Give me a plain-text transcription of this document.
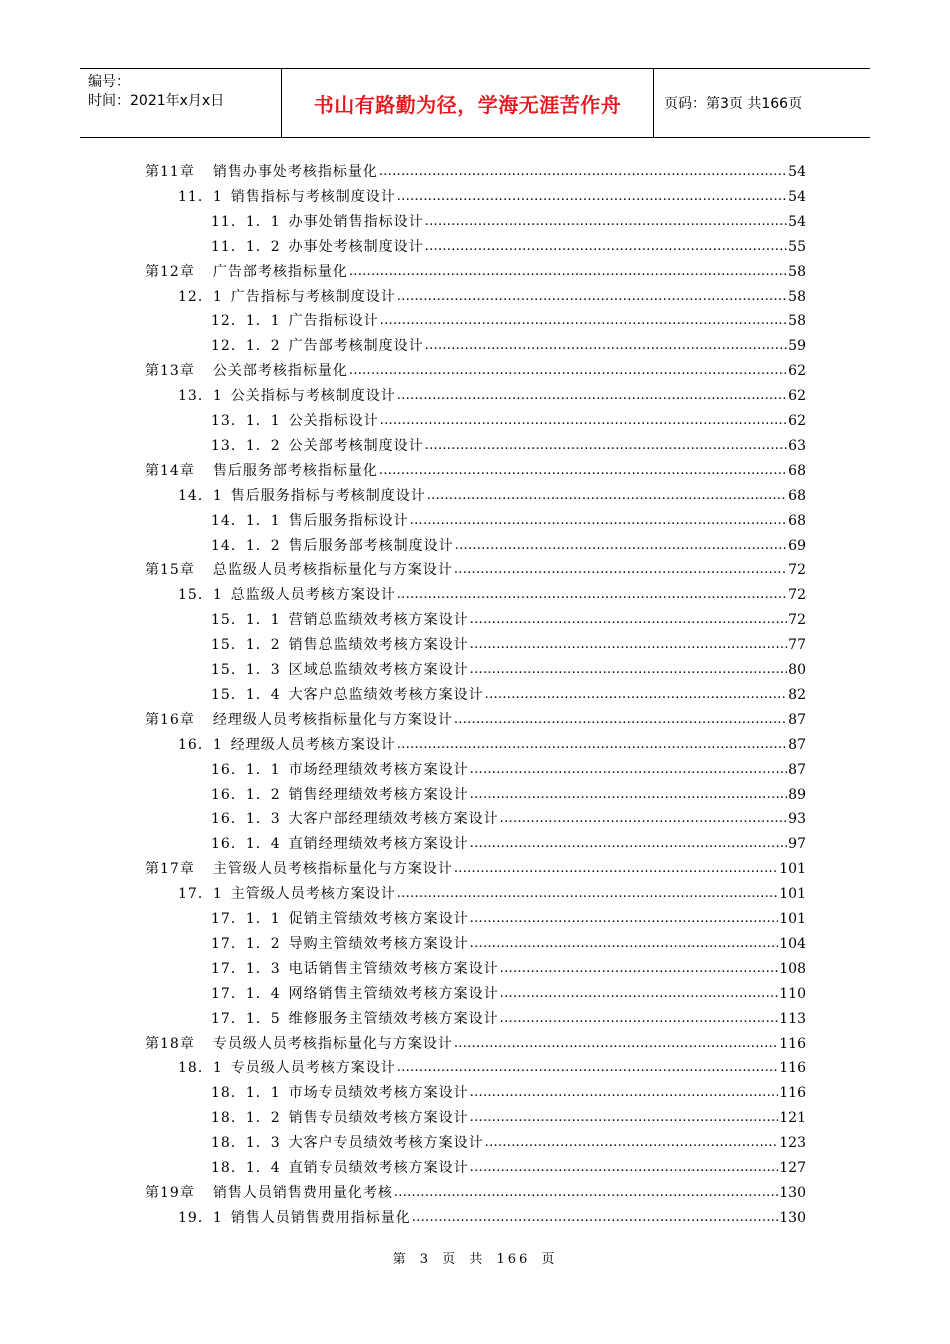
编号：
时间：2021年x月x日	书山有路勤为径，学海无涯苦作舟	页码：第3页 共166页
第11章	销售办事处考核指标量化 .....	54
11．1 销售指标与考核制度设计 .....	54
11．1．1 办事处销售指标设计 .....	54
11．1．2 办事处考核制度设计 .....	55
第12章	广告部考核指标量化 .....	58
12．1 广告指标与考核制度设计 .....	58
12．1．1 广告指标设计 .....	58
12．1．2 广告部考核制度设计 .....	59
第13章	公关部考核指标量化 .....	62
13．1 公关指标与考核制度设计 .....	62
13．1．1 公关指标设计 .....	62
13．1．2 公关部考核制度设计 .....	63
第14章	售后服务部考核指标量化 .....	68
14．1 售后服务指标与考核制度设计 .....	68
14．1．1 售后服务指标设计 .....	68
14．1．2 售后服务部考核制度设计 .....	69
第15章	总监级人员考核指标量化与方案设计 .....	72
15．1 总监级人员考核方案设计 .....	72
15．1．1 营销总监绩效考核方案设计 .....	72
15．1．2 销售总监绩效考核方案设计 .....	77
15．1．3 区域总监绩效考核方案设计 .....	80
15．1．4 大客户总监绩效考核方案设计 .....	82
第16章	经理级人员考核指标量化与方案设计 .....	87
16．1 经理级人员考核方案设计 .....	87
16．1．1 市场经理绩效考核方案设计 .....	87
16．1．2 销售经理绩效考核方案设计 .....	89
16．1．3 大客户部经理绩效考核方案设计 .....	93
16．1．4 直销经理绩效考核方案设计 .....	97
第17章	主管级人员考核指标量化与方案设计 .....	101
17．1 主管级人员考核方案设计 .....	101
17．1．1 促销主管绩效考核方案设计 .....	101
17．1．2 导购主管绩效考核方案设计 .....	104
17．1．3 电话销售主管绩效考核方案设计 .....	108
17．1．4 网络销售主管绩效考核方案设计 .....	110
17．1．5 维修服务主管绩效考核方案设计 .....	113
第18章	专员级人员考核指标量化与方案设计 .....	116
18．1 专员级人员考核方案设计 .....	116
18．1．1 市场专员绩效考核方案设计 .....	116
18．1．2 销售专员绩效考核方案设计 .....	121
18．1．3 大客户专员绩效考核方案设计 .....	123
18．1．4 直销专员绩效考核方案设计 .....	127
第19章	销售人员销售费用量化考核 .....	130
19．1 销售人员销售费用指标量化 .....	130
第 3 页 共 166 页
